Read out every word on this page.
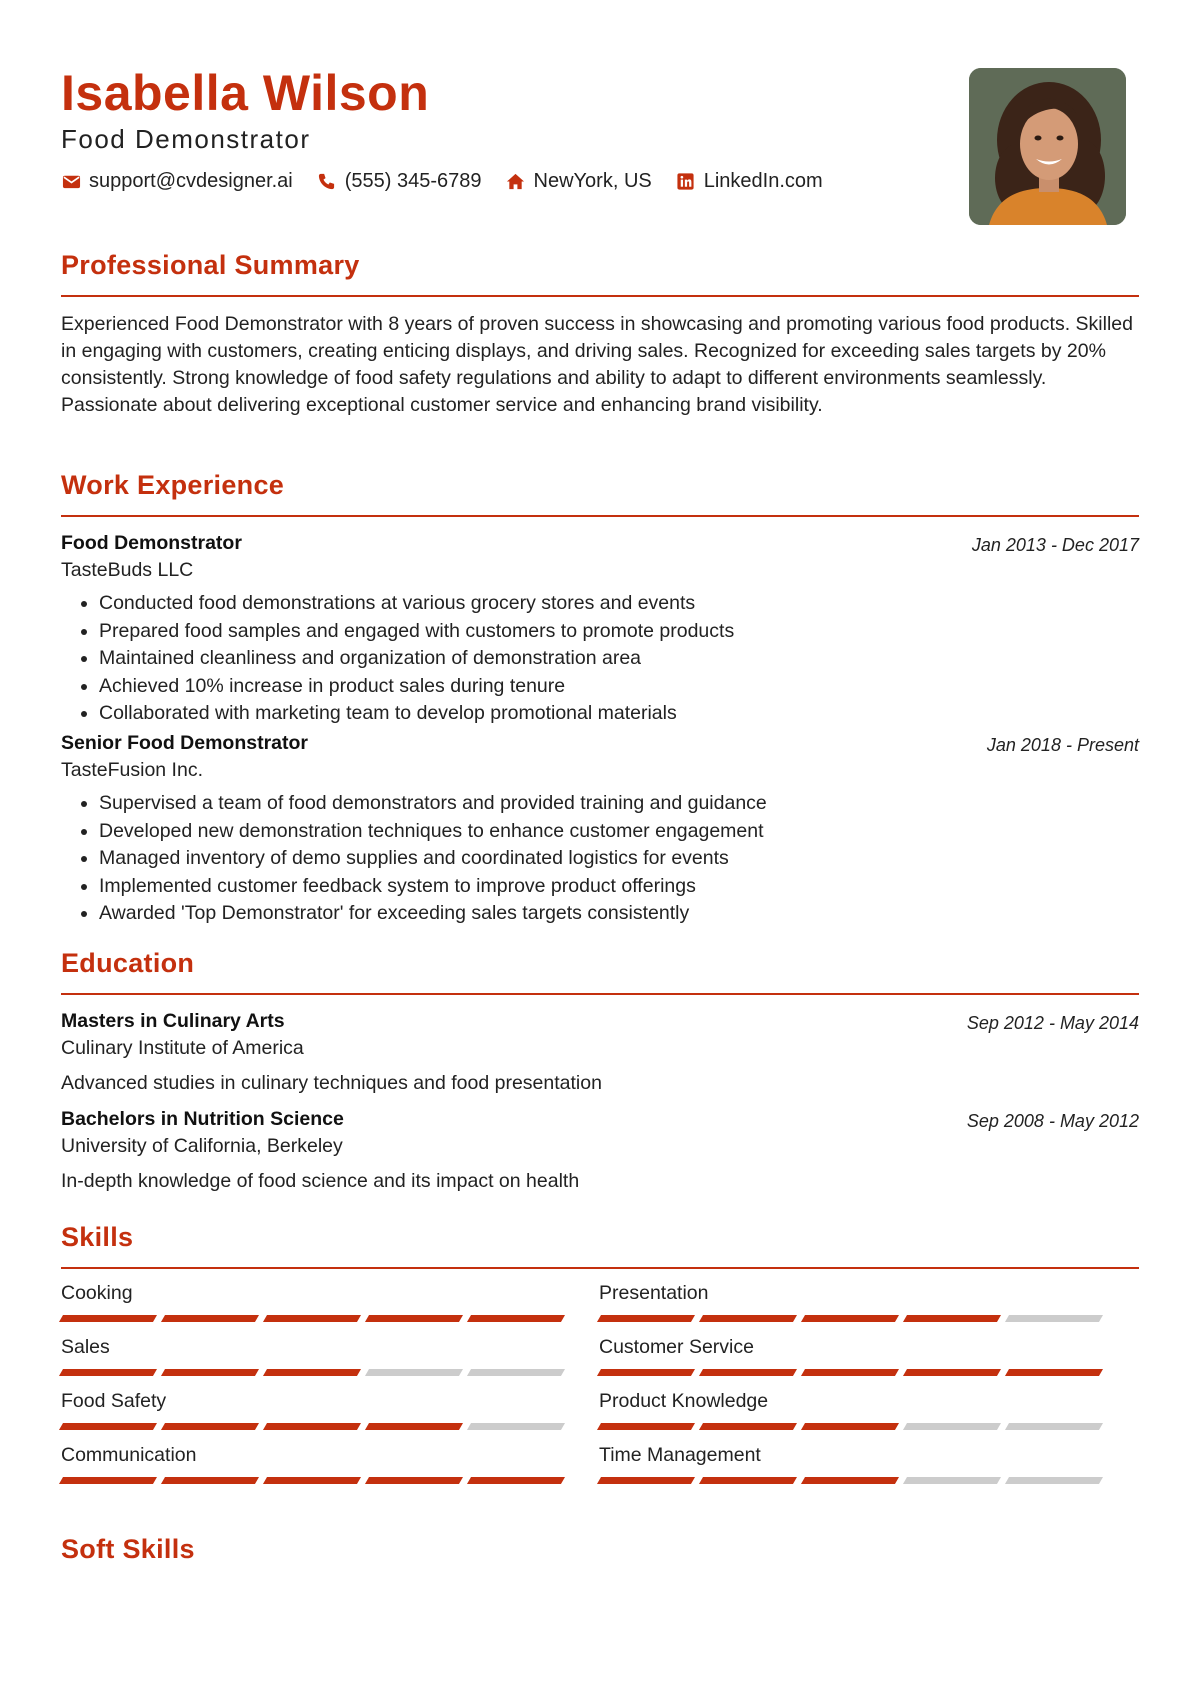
Isabella Wilson
Food Demonstrator
support@cvdesigner.ai	(555) 345-6789	NewYork, US	LinkedIn.com
Professional Summary

Experienced Food Demonstrator with 8 years of proven success in showcasing and promoting various food products. Skilled in engaging with customers, creating enticing displays, and driving sales. Recognized for exceeding sales targets by 20% consistently. Strong knowledge of food safety regulations and ability to adapt to different environments seamlessly. Passionate about delivering exceptional customer service and enhancing brand visibility.

Work Experience
Food Demonstrator	Jan 2013 - Dec 2017
TasteBuds LLC
• Conducted food demonstrations at various grocery stores and events
• Prepared food samples and engaged with customers to promote products
• Maintained cleanliness and organization of demonstration area
• Achieved 10% increase in product sales during tenure
• Collaborated with marketing team to develop promotional materials
Senior Food Demonstrator	Jan 2018 - Present
TasteFusion Inc.
• Supervised a team of food demonstrators and provided training and guidance
• Developed new demonstration techniques to enhance customer engagement
• Managed inventory of demo supplies and coordinated logistics for events
• Implemented customer feedback system to improve product offerings
• Awarded 'Top Demonstrator' for exceeding sales targets consistently
Education
Masters in Culinary Arts	Sep 2012 - May 2014
Culinary Institute of America
Advanced studies in culinary techniques and food presentation
Bachelors in Nutrition Science	Sep 2008 - May 2012
University of California, Berkeley
In-depth knowledge of food science and its impact on health
Skills
Cooking	Presentation
Sales	Customer Service
Food Safety	Product Knowledge
Communication	Time Management
Soft Skills
